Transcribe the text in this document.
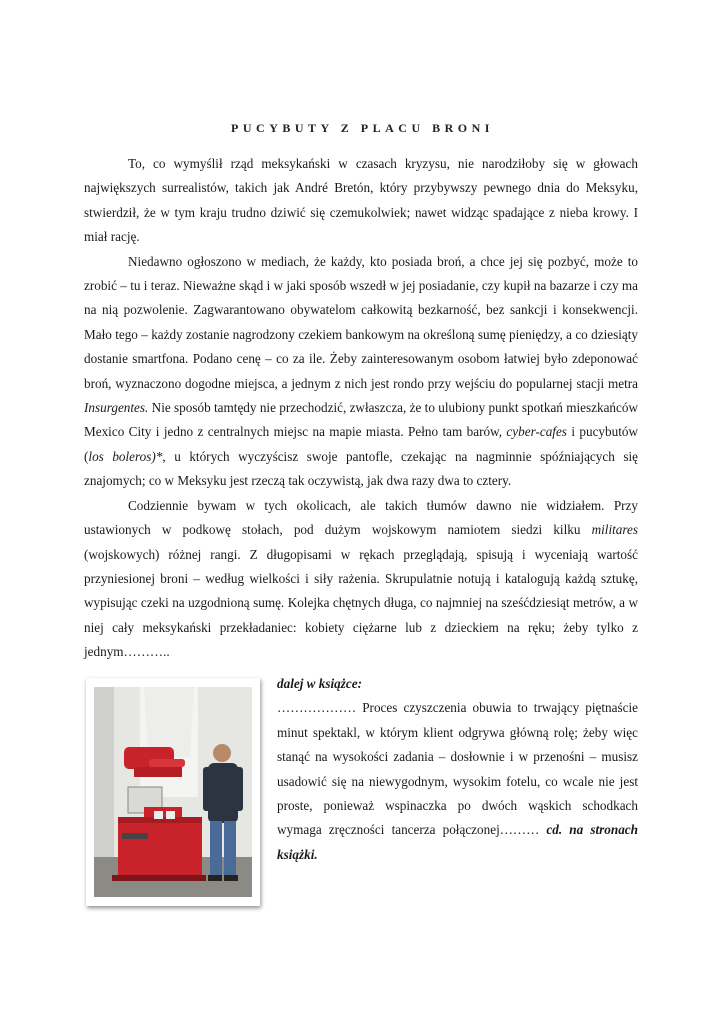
PUCYBUTY Z PLACU BRONI

To, co wymyślił rząd meksykański w czasach kryzysu, nie narodziłoby się w głowach największych surrealistów, takich jak André Bretón, który przybywszy pewnego dnia do Meksyku, stwierdził, że w tym kraju trudno dziwić się czemukolwiek; nawet widząc spadające z nieba krowy. I miał rację.

Niedawno ogłoszono w mediach, że każdy, kto posiada broń, a chce jej się pozbyć, może to zrobić – tu i teraz. Nieważne skąd i w jaki sposób wszedł w jej posiadanie, czy kupił na bazarze i czy ma na nią pozwolenie. Zagwarantowano obywatelom całkowitą bezkarność, bez sankcji i konsekwencji. Mało tego – każdy zostanie nagrodzony czekiem bankowym na określoną sumę pieniędzy, a co dziesiąty dostanie smartfona. Podano cenę – co za ile. Żeby zainteresowanym osobom łatwiej było zdeponować broń, wyznaczono dogodne miejsca, a jednym z nich jest rondo przy wejściu do popularnej stacji metra Insurgentes. Nie sposób tamtędy nie przechodzić, zwłaszcza, że to ulubiony punkt spotkań mieszkańców Mexico City i jedno z centralnych miejsc na mapie miasta. Pełno tam barów, cyber-cafes i pucybutów (los boleros)*, u których wyczyścisz swoje pantofle, czekając na nagminnie spóźniających się znajomych; co w Meksyku jest rzeczą tak oczywistą, jak dwa razy dwa to cztery.

Codziennie bywam w tych okolicach, ale takich tłumów dawno nie widziałem. Przy ustawionych w podkowę stołach, pod dużym wojskowym namiotem siedzi kilku militares (wojskowych) różnej rangi. Z długopisami w rękach przeglądają, spisują i wyceniają wartość przyniesionej broni – według wielkości i siły rażenia. Skrupulatnie notują i katalogują każdą sztukę, wypisując czeki na uzgodnioną sumę. Kolejka chętnych długa, co najmniej na sześćdziesiąt metrów, a w niej cały meksykański przekładaniec: kobiety ciężarne lub z dzieckiem na ręku; żeby tylko z jednym………..

dalej w książce:
……………… Proces czyszczenia obuwia to trwający piętnaście minut spektakl, w którym klient odgrywa główną rolę; żeby więc stanąć na wysokości zadania – dosłownie i w przenośni – musisz usadowić się na niewygodnym, wysokim fotelu, co wcale nie jest proste, ponieważ wspinaczka po dwóch wąskich schodkach wymaga zręczności tancerza połączonej……… cd. na stronach książki.
